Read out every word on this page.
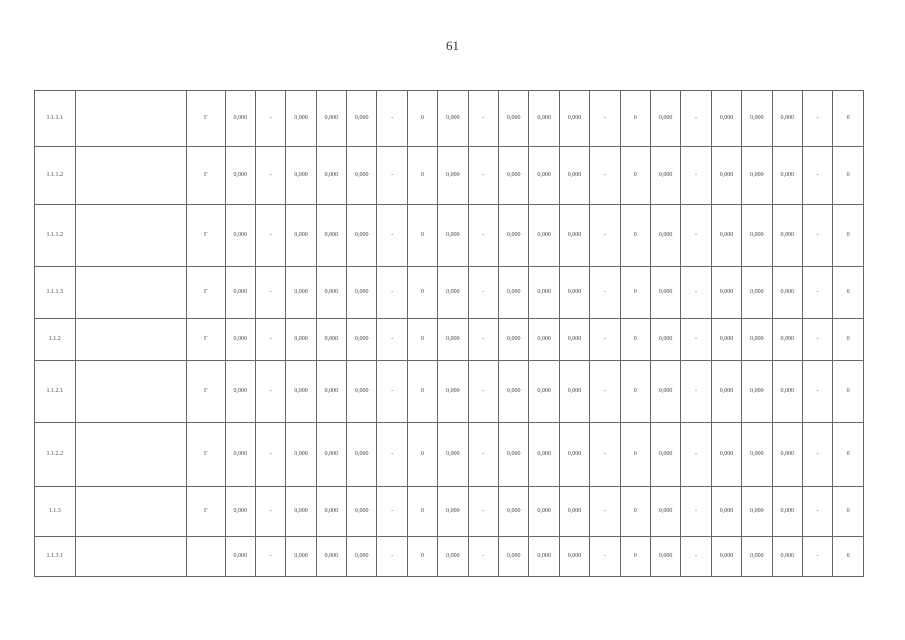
61
1.1.1.1		Г	0,000	-	0,000	0,000	0,000	-	0	0,000	-	0,000	0,000	0,000	-	0	0,000	-	0,000	0,000	0,000	-	0
1.1.1.2		Г	0,000	-	0,000	0,000	0,000	-	0	0,000	-	0,000	0,000	0,000	-	0	0,000	-	0,000	0,000	0,000	-	0
1.1.1.2		Г	0,000	-	0,000	0,000	0,000	-	0	0,000	-	0,000	0,000	0,000	-	0	0,000	-	0,000	0,000	0,000	-	0
1.1.1.3		Г	0,000	-	0,000	0,000	0,000	-	0	0,000	-	0,000	0,000	0,000	-	0	0,000	-	0,000	0,000	0,000	-	0
1.1.2		Г	0,000	-	0,000	0,000	0,000	-	0	0,000	-	0,000	0,000	0,000	-	0	0,000	-	0,000	0,000	0,000	-	0
1.1.2.1		Г	0,000	-	0,000	0,000	0,000	-	0	0,000	-	0,000	0,000	0,000	-	0	0,000	-	0,000	0,000	0,000	-	0
1.1.2.2		Г	0,000	-	0,000	0,000	0,000	-	0	0,000	-	0,000	0,000	0,000	-	0	0,000	-	0,000	0,000	0,000	-	0
1.1.3		Г	0,000	-	0,000	0,000	0,000	-	0	0,000	-	0,000	0,000	0,000	-	0	0,000	-	0,000	0,000	0,000	-	0
1.1.3.1			0,000	-	0,000	0,000	0,000	-	0	0,000	-	0,000	0,000	0,000	-	0	0,000	-	0,000	0,000	0,000	-	0
